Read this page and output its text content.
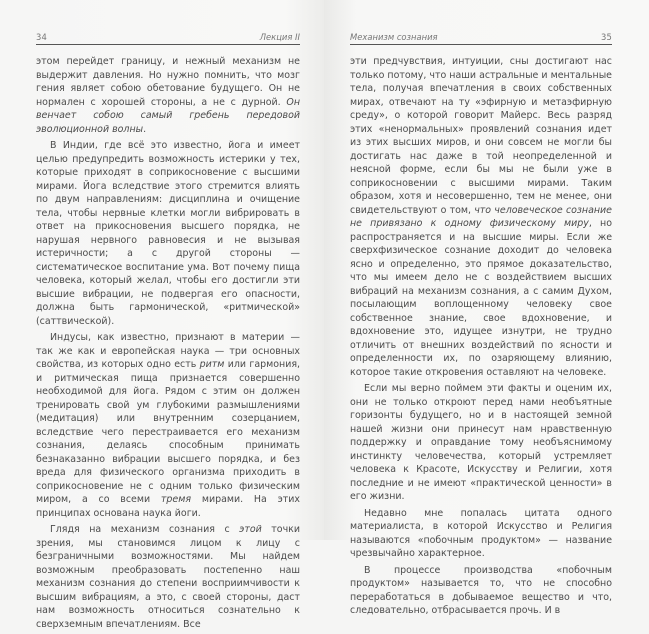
34	Лекция II

этом перейдет границу, и нежный механизм не выдержит давления. Но нужно помнить, что мозг гения являет собою обетование будущего. Он не нормален с хорошей стороны, а не с дурной. Он венчает собою самый гребень передовой эволюционной волны.

В Индии, где всё это известно, йога и имеет целью предупредить возможность истерики у тех, которые приходят в соприкосновение с высшими мирами. Йога вследствие этого стремится влиять по двум направлениям: дисциплина и очищение тела, чтобы нервные клетки могли вибрировать в ответ на прикосновения высшего порядка, не нарушая нервного равновесия и не вызывая истеричности; а с другой стороны — систематическое воспитание ума. Вот почему пища человека, который желал, чтобы его достигли эти высшие вибрации, не подвергая его опасности, должна быть гармонической, «ритмической» (саттвической).

Индусы, как известно, признают в материи — так же как и европейская наука — три основных свойства, из которых одно есть ритм или гармония, и ритмическая пища признается совершенно необходимой для йога. Рядом с этим он должен тренировать свой ум глубокими размышлениями (медитация) или внутренним созерцанием, вследствие чего перестраивается его механизм сознания, делаясь способным принимать безнаказанно вибрации высшего порядка, и без вреда для физического организма приходить в соприкосновение не с одним только физическим миром, а со всеми тремя мирами. На этих принципах основана наука йоги.

Глядя на механизм сознания с этой точки зрения, мы становимся лицом к лицу с безграничными возможностями. Мы найдем возможным преобразовать постепенно наш механизм сознания до степени восприимчивости к высшим вибрациям, а это, с своей стороны, даст нам возможность относиться сознательно к сверхземным впечатлениям. Все

Механизм сознания	35

эти предчувствия, интуиции, сны достигают нас только потому, что наши астральные и ментальные тела, получая впечатления в своих собственных мирах, отвечают на ту «эфирную и метаэфирную среду», о которой говорит Майерс. Весь разряд этих «ненормальных» проявлений сознания идет из этих высших миров, и они совсем не могли бы достигать нас даже в той неопределенной и неясной форме, если бы мы не были уже в соприкосновении с высшими мирами. Таким образом, хотя и несовершенно, тем не менее, они свидетельствуют о том, что человеческое сознание не привязано к одному физическому миру, но распространяется и на высшие миры. Если же сверхфизическое сознание доходит до человека ясно и определенно, это прямое доказательство, что мы имеем дело не с воздействием высших вибраций на механизм сознания, а с самим Духом, посылающим воплощенному человеку свое собственное знание, свое вдохновение, и вдохновение это, идущее изнутри, не трудно отличить от внешних воздействий по ясности и определенности их, по озаряющему влиянию, которое такие откровения оставляют на человеке.

Если мы верно поймем эти факты и оценим их, они не только откроют перед нами необъятные горизонты будущего, но и в настоящей земной нашей жизни они принесут нам нравственную поддержку и оправдание тому необъяснимому инстинкту человечества, который устремляет человека к Красоте, Искусству и Религии, хотя последние и не имеют «практической ценности» в его жизни.

Недавно мне попалась цитата одного материалиста, в которой Искусство и Религия называются «побочным продуктом» — название чрезвычайно характерное.

В процессе производства «побочным продуктом» называется то, что не способно переработаться в добываемое вещество и что, следовательно, отбрасывается прочь. И в
